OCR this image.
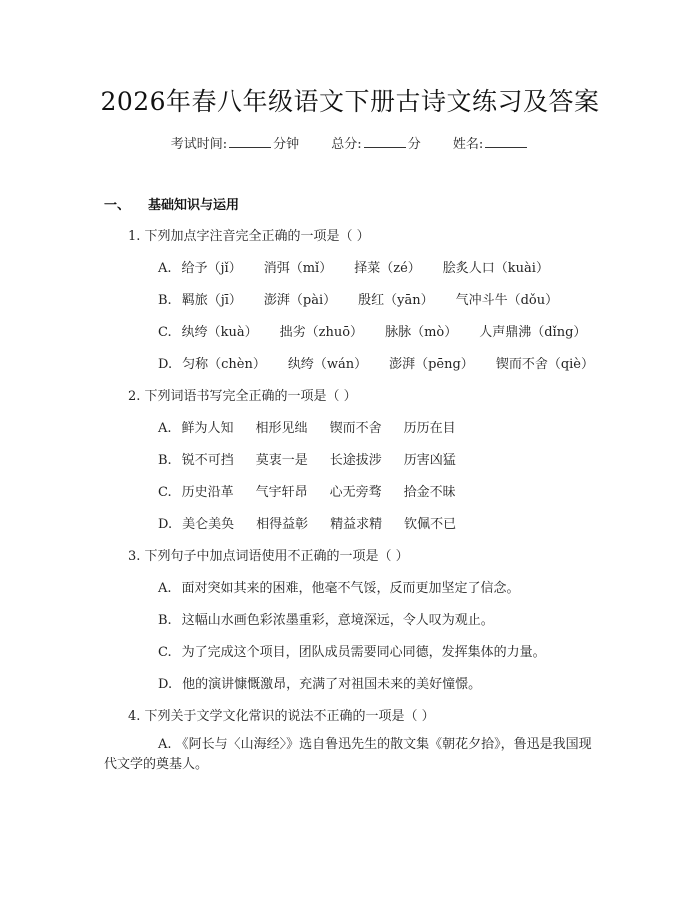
2026年春八年级语文下册古诗文练习及答案
考试时间:	分钟 总分:	分 姓名:
一、 基础知识与运用
1. 下列加点字注音完全正确的一项是（ ）
A. 给予（jǐ） 消弭（mǐ） 择菜（zé） 脍炙人口（kuài）
B. 羁旅（jī） 澎湃（pài） 殷红（yān） 气冲斗牛（dǒu）
C. 纨绔（kuà） 拙劣（zhuō） 脉脉（mò） 人声鼎沸（dǐng）
D. 匀称（chèn） 纨绔（wán） 澎湃（pēng） 锲而不舍（qiè）
2. 下列词语书写完全正确的一项是（ ）
A. 鲜为人知 相形见绌 锲而不舍 历历在目
B. 锐不可挡 莫衷一是 长途拔涉 历害凶猛
C. 历史沿革 气宇轩昂 心无旁骛 拾金不昧
D. 美仑美奂 相得益彰 精益求精 钦佩不已
3. 下列句子中加点词语使用不正确的一项是（ ）
A. 面对突如其来的困难，他毫不气馁，反而更加坚定了信念。
B. 这幅山水画色彩浓墨重彩，意境深远，令人叹为观止。
C. 为了完成这个项目，团队成员需要同心同德，发挥集体的力量。
D. 他的演讲慷慨激昂，充满了对祖国未来的美好憧憬。
4. 下列关于文学文化常识的说法不正确的一项是（ ）
A. 《阿长与〈山海经〉》选自鲁迅先生的散文集《朝花夕拾》，鲁迅是我国现代文学的奠基人。
